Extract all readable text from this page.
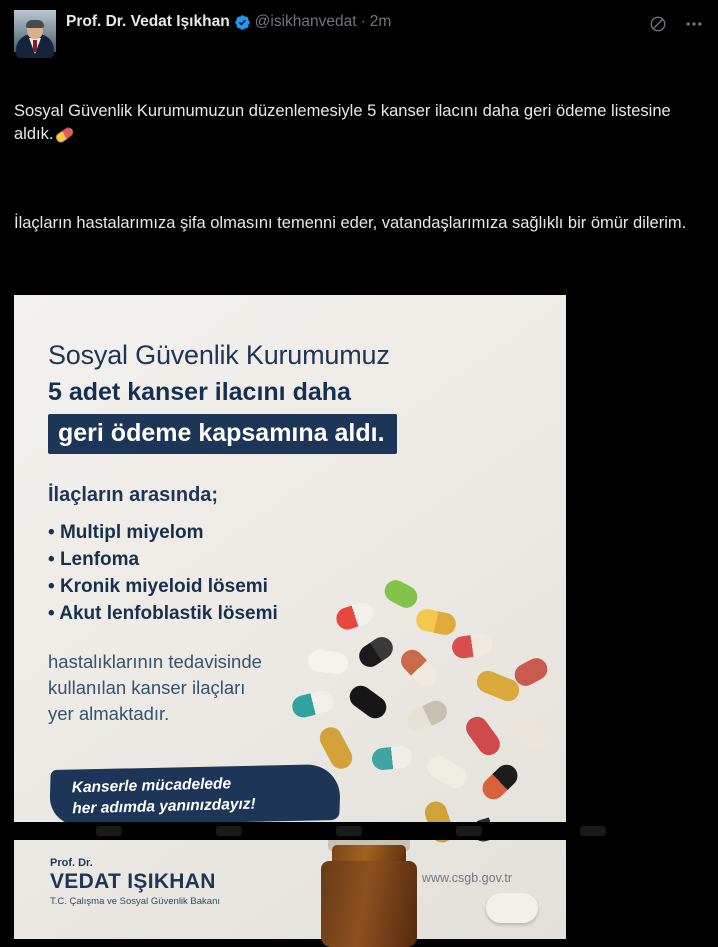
Prof. Dr. Vedat Işıkhan @isikhanvedat · 2m

Sosyal Güvenlik Kurumumuzun düzenlemesiyle 5 kanser ilacını daha geri ödeme listesine aldık.

İlaçların hastalarımıza şifa olmasını temenni eder, vatandaşlarımıza sağlıklı bir ömür dilerim.

Sosyal Güvenlik Kurumumuz
5 adet kanser ilacını daha
geri ödeme kapsamına aldı.
İlaçların arasında;
• Multipl miyelom
• Lenfoma
• Kronik miyeloid lösemi
• Akut lenfoblastik lösemi
hastalıklarının tedavisinde
kullanılan kanser ilaçları
yer almaktadır.
Kanserle mücadelede
her adımda yanınızdayız!
Prof. Dr.
VEDAT IŞIKHAN
T.C. Çalışma ve Sosyal Güvenlik Bakanı
www.csgb.gov.tr
